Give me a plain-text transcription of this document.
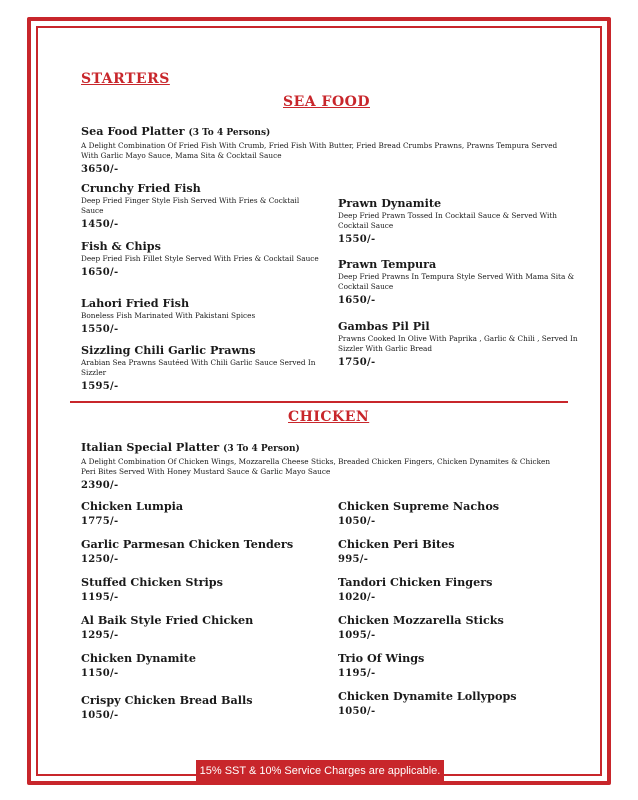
STARTERS
SEA FOOD
Sea Food Platter (3 To 4 Persons)
A Delight Combination Of Fried Fish With Crumb, Fried Fish With Butter, Fried Bread Crumbs Prawns, Prawns Tempura Served With Garlic Mayo Sauce, Mama Sita & Cocktail Sauce
3650/-
Crunchy Fried Fish
Deep Fried Finger Style Fish Served With Fries & Cocktail Sauce
1450/-
Fish & Chips
Deep Fried Fish Fillet Style Served With Fries & Cocktail Sauce
1650/-
Lahori Fried Fish
Boneless Fish Marinated With Pakistani Spices
1550/-
Sizzling Chili Garlic Prawns
Arabian Sea Prawns Sautéed With Chili Garlic Sauce Served In Sizzler
1595/-
Prawn Dynamite
Deep Fried Prawn Tossed In Cocktail Sauce & Served With Cocktail Sauce
1550/-
Prawn Tempura
Deep Fried Prawns In Tempura Style Served With Mama Sita & Cocktail Sauce
1650/-
Gambas Pil Pil
Prawns Cooked In Olive With Paprika , Garlic & Chili , Served In Sizzler With Garlic Bread
1750/-
CHICKEN
Italian Special Platter (3 To 4 Person)
A Delight Combination Of Chicken Wings, Mozzarella Cheese Sticks, Breaded Chicken Fingers, Chicken Dynamites & Chicken Peri Bites Served With Honey Mustard Sauce & Garlic Mayo Sauce
2390/-
Chicken Lumpia
1775/-
Garlic Parmesan Chicken Tenders
1250/-
Stuffed Chicken Strips
1195/-
Al Baik Style Fried Chicken
1295/-
Chicken Dynamite
1150/-
Crispy Chicken Bread Balls
1050/-
Chicken Supreme Nachos
1050/-
Chicken Peri Bites
995/-
Tandori Chicken Fingers
1020/-
Chicken Mozzarella Sticks
1095/-
Trio Of Wings
1195/-
Chicken Dynamite Lollypops
1050/-
15% SST & 10% Service Charges are applicable.
